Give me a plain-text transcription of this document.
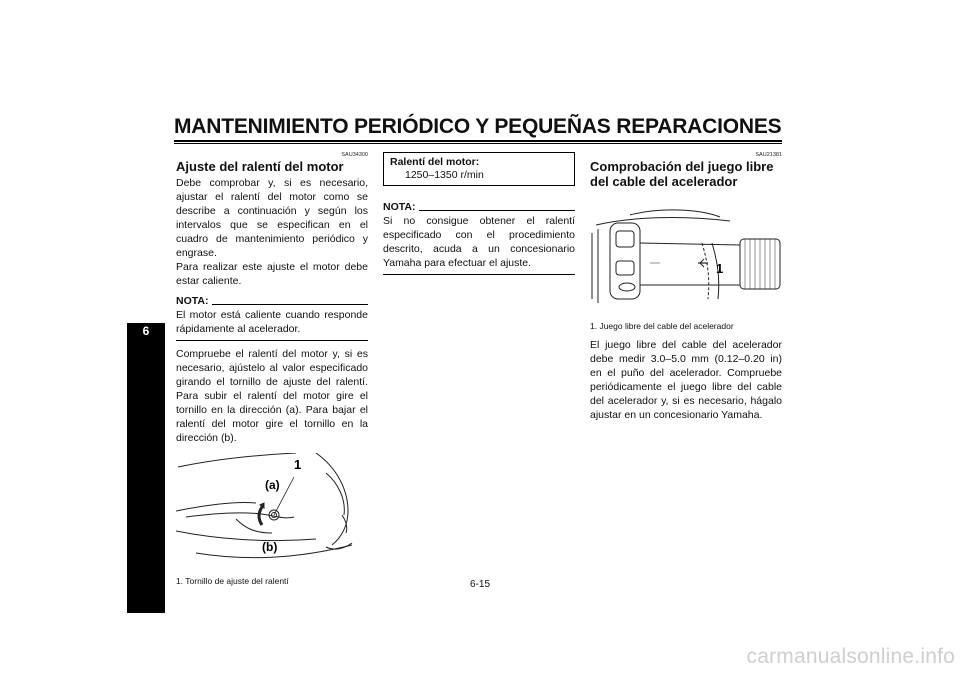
MANTENIMIENTO PERIÓDICO Y PEQUEÑAS REPARACIONES
6
SAU34300
Ajuste del ralentí del motor
Debe comprobar y, si es necesario, ajustar el ralentí del motor como se describe a continuación y según los intervalos que se especifican en el cuadro de mantenimiento periódico y engrase.
Para realizar este ajuste el motor debe estar caliente.
NOTA:
El motor está caliente cuando responde rápidamente al acelerador.
Compruebe el ralentí del motor y, si es necesario, ajústelo al valor especificado girando el tornillo de ajuste del ralentí. Para subir el ralentí del motor gire el tornillo en la dirección (a). Para bajar el ralentí del motor gire el tornillo en la dirección (b).
1
(a)
(b)
1. Tornillo de ajuste del ralentí
Ralentí del motor:
1250–1350 r/min
NOTA:
Si no consigue obtener el ralentí especificado con el procedimiento descrito, acuda a un concesionario Yamaha para efectuar el ajuste.
SAU21381
Comprobación del juego libre del cable del acelerador
1
1. Juego libre del cable del acelerador
El juego libre del cable del acelerador debe medir 3.0–5.0 mm (0.12–0.20 in) en el puño del acelerador. Compruebe periódicamente el juego libre del cable del acelerador y, si es necesario, hágalo ajustar en un concesionario Yamaha.
6-15
carmanualsonline.info
